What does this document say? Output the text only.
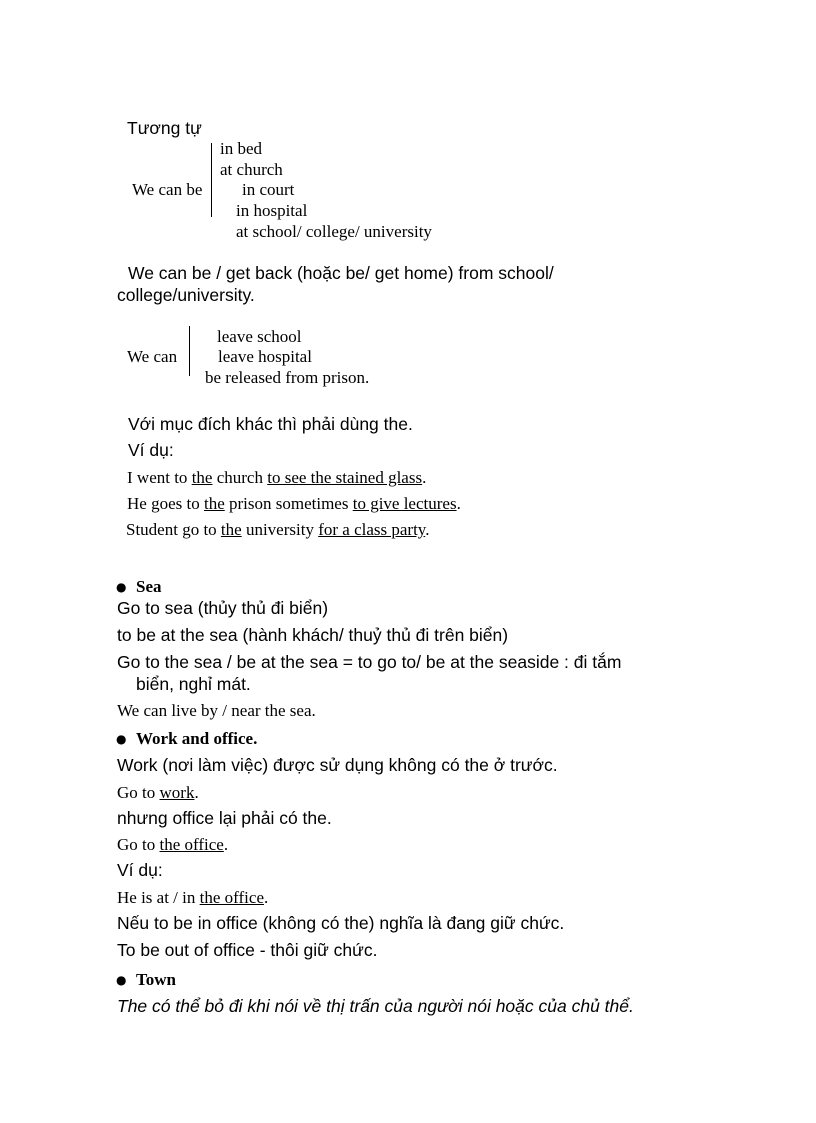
Tương tự
We can be
in bed
at church
in court
in hospital
at school/ college/ university
We can be / get back (hoặc be/ get home) from school/
college/university.
We can
leave school
leave hospital
be released from prison.
Với mục đích khác thì phải dùng the.
Ví dụ:
I went to the church to see the stained glass.
He goes to the prison sometimes to give lectures.
Student go to the university for a class party.
● Sea
Go to sea (thủy thủ đi biển)
to be at the sea (hành khách/ thuỷ thủ đi trên biển)
Go to the sea / be at the sea = to go to/ be at the seaside : đi tắm
biển, nghỉ mát.
We can live by / near the sea.
● Work and office.
Work (nơi làm việc) được sử dụng không có the ở trước.
Go to work.
nhưng office lại phải có the.
Go to the office.
Ví dụ:
He is at / in the office.
Nếu to be in office (không có the) nghĩa là đang giữ chức.
To be out of office - thôi giữ chức.
● Town
The có thể bỏ đi khi nói về thị trấn của người nói hoặc của chủ thể.
